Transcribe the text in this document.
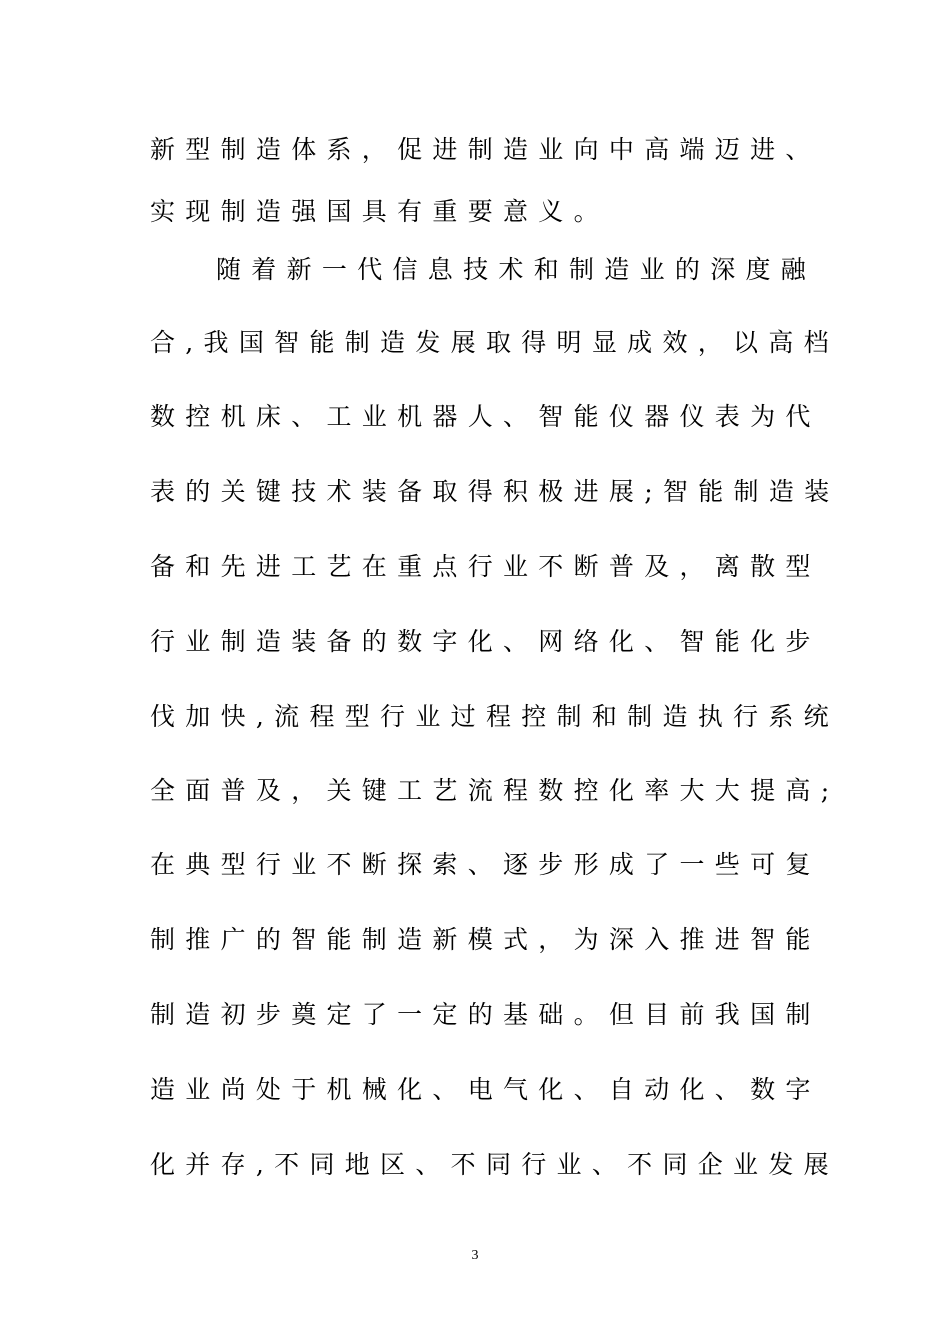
新型制造体系，促进制造业向中高端迈进、
实现制造强国具有重要意义。
随着新一代信息技术和制造业的深度融
合,我国智能制造发展取得明显成效，以高档
数控机床、工业机器人、智能仪器仪表为代
表的关键技术装备取得积极进展;智能制造装
备和先进工艺在重点行业不断普及，离散型
行业制造装备的数字化、网络化、智能化步
伐加快,流程型行业过程控制和制造执行系统
全面普及，关键工艺流程数控化率大大提高;
在典型行业不断探索、逐步形成了一些可复
制推广的智能制造新模式，为深入推进智能
制造初步奠定了一定的基础。但目前我国制
造业尚处于机械化、电气化、自动化、数字
化并存,不同地区、不同行业、不同企业发展
3
